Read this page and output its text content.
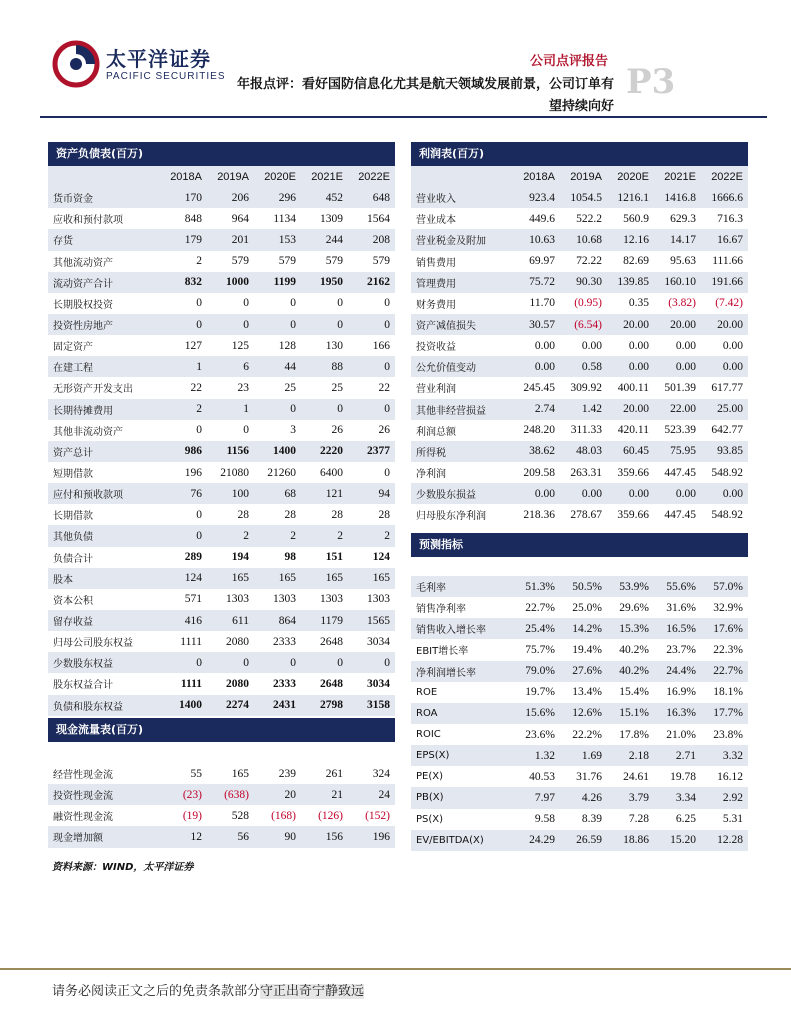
太平洋证券
PACIFIC SECURITIES
公司点评报告
P3
年报点评：看好国防信息化尤其是航天领域发展前景，公司订单有
望持续向好
资产负债表(百万)
	2018A	2019A	2020E	2021E	2022E
货币资金	170	206	296	452	648
应收和预付款项	848	964	1134	1309	1564
存货	179	201	153	244	208
其他流动资产	2	579	579	579	579
流动资产合计	832	1000	1199	1950	2162
长期股权投资	0	0	0	0	0
投资性房地产	0	0	0	0	0
固定资产	127	125	128	130	166
在建工程	1	6	44	88	0
无形资产开发支出	22	23	25	25	22
长期待摊费用	2	1	0	0	0
其他非流动资产	0	0	3	26	26
资产总计	986	1156	1400	2220	2377
短期借款	196	21080	21260	6400	0
应付和预收款项	76	100	68	121	94
长期借款	0	28	28	28	28
其他负债	0	2	2	2	2
负债合计	289	194	98	151	124
股本	124	165	165	165	165
资本公积	571	1303	1303	1303	1303
留存收益	416	611	864	1179	1565
归母公司股东权益	1111	2080	2333	2648	3034
少数股东权益	0	0	0	0	0
股东权益合计	1111	2080	2333	2648	3034
负债和股东权益	1400	2274	2431	2798	3158
现金流量表(百万)
经营性现金流	55	165	239	261	324
投资性现金流	(23)	(638)	20	21	24
融资性现金流	(19)	528	(168)	(126)	(152)
现金增加额	12	56	90	156	196
利润表(百万)
	2018A	2019A	2020E	2021E	2022E
营业收入	923.4	1054.5	1216.1	1416.8	1666.6
营业成本	449.6	522.2	560.9	629.3	716.3
营业税金及附加	10.63	10.68	12.16	14.17	16.67
销售费用	69.97	72.22	82.69	95.63	111.66
管理费用	75.72	90.30	139.85	160.10	191.66
财务费用	11.70	(0.95)	0.35	(3.82)	(7.42)
资产减值损失	30.57	(6.54)	20.00	20.00	20.00
投资收益	0.00	0.00	0.00	0.00	0.00
公允价值变动	0.00	0.58	0.00	0.00	0.00
营业利润	245.45	309.92	400.11	501.39	617.77
其他非经营损益	2.74	1.42	20.00	22.00	25.00
利润总额	248.20	311.33	420.11	523.39	642.77
所得税	38.62	48.03	60.45	75.95	93.85
净利润	209.58	263.31	359.66	447.45	548.92
少数股东损益	0.00	0.00	0.00	0.00	0.00
归母股东净利润	218.36	278.67	359.66	447.45	548.92
预测指标
毛利率	51.3%	50.5%	53.9%	55.6%	57.0%
销售净利率	22.7%	25.0%	29.6%	31.6%	32.9%
销售收入增长率	25.4%	14.2%	15.3%	16.5%	17.6%
EBIT增长率	75.7%	19.4%	40.2%	23.7%	22.3%
净利润增长率	79.0%	27.6%	40.2%	24.4%	22.7%
ROE	19.7%	13.4%	15.4%	16.9%	18.1%
ROA	15.6%	12.6%	15.1%	16.3%	17.7%
ROIC	23.6%	22.2%	17.8%	21.0%	23.8%
EPS(X)	1.32	1.69	2.18	2.71	3.32
PE(X)	40.53	31.76	24.61	19.78	16.12
PB(X)	7.97	4.26	3.79	3.34	2.92
PS(X)	9.58	8.39	7.28	6.25	5.31
EV/EBITDA(X)	24.29	26.59	18.86	15.20	12.28
资料来源：WIND，太平洋证券
请务必阅读正文之后的免责条款部分守正出奇宁静致远
